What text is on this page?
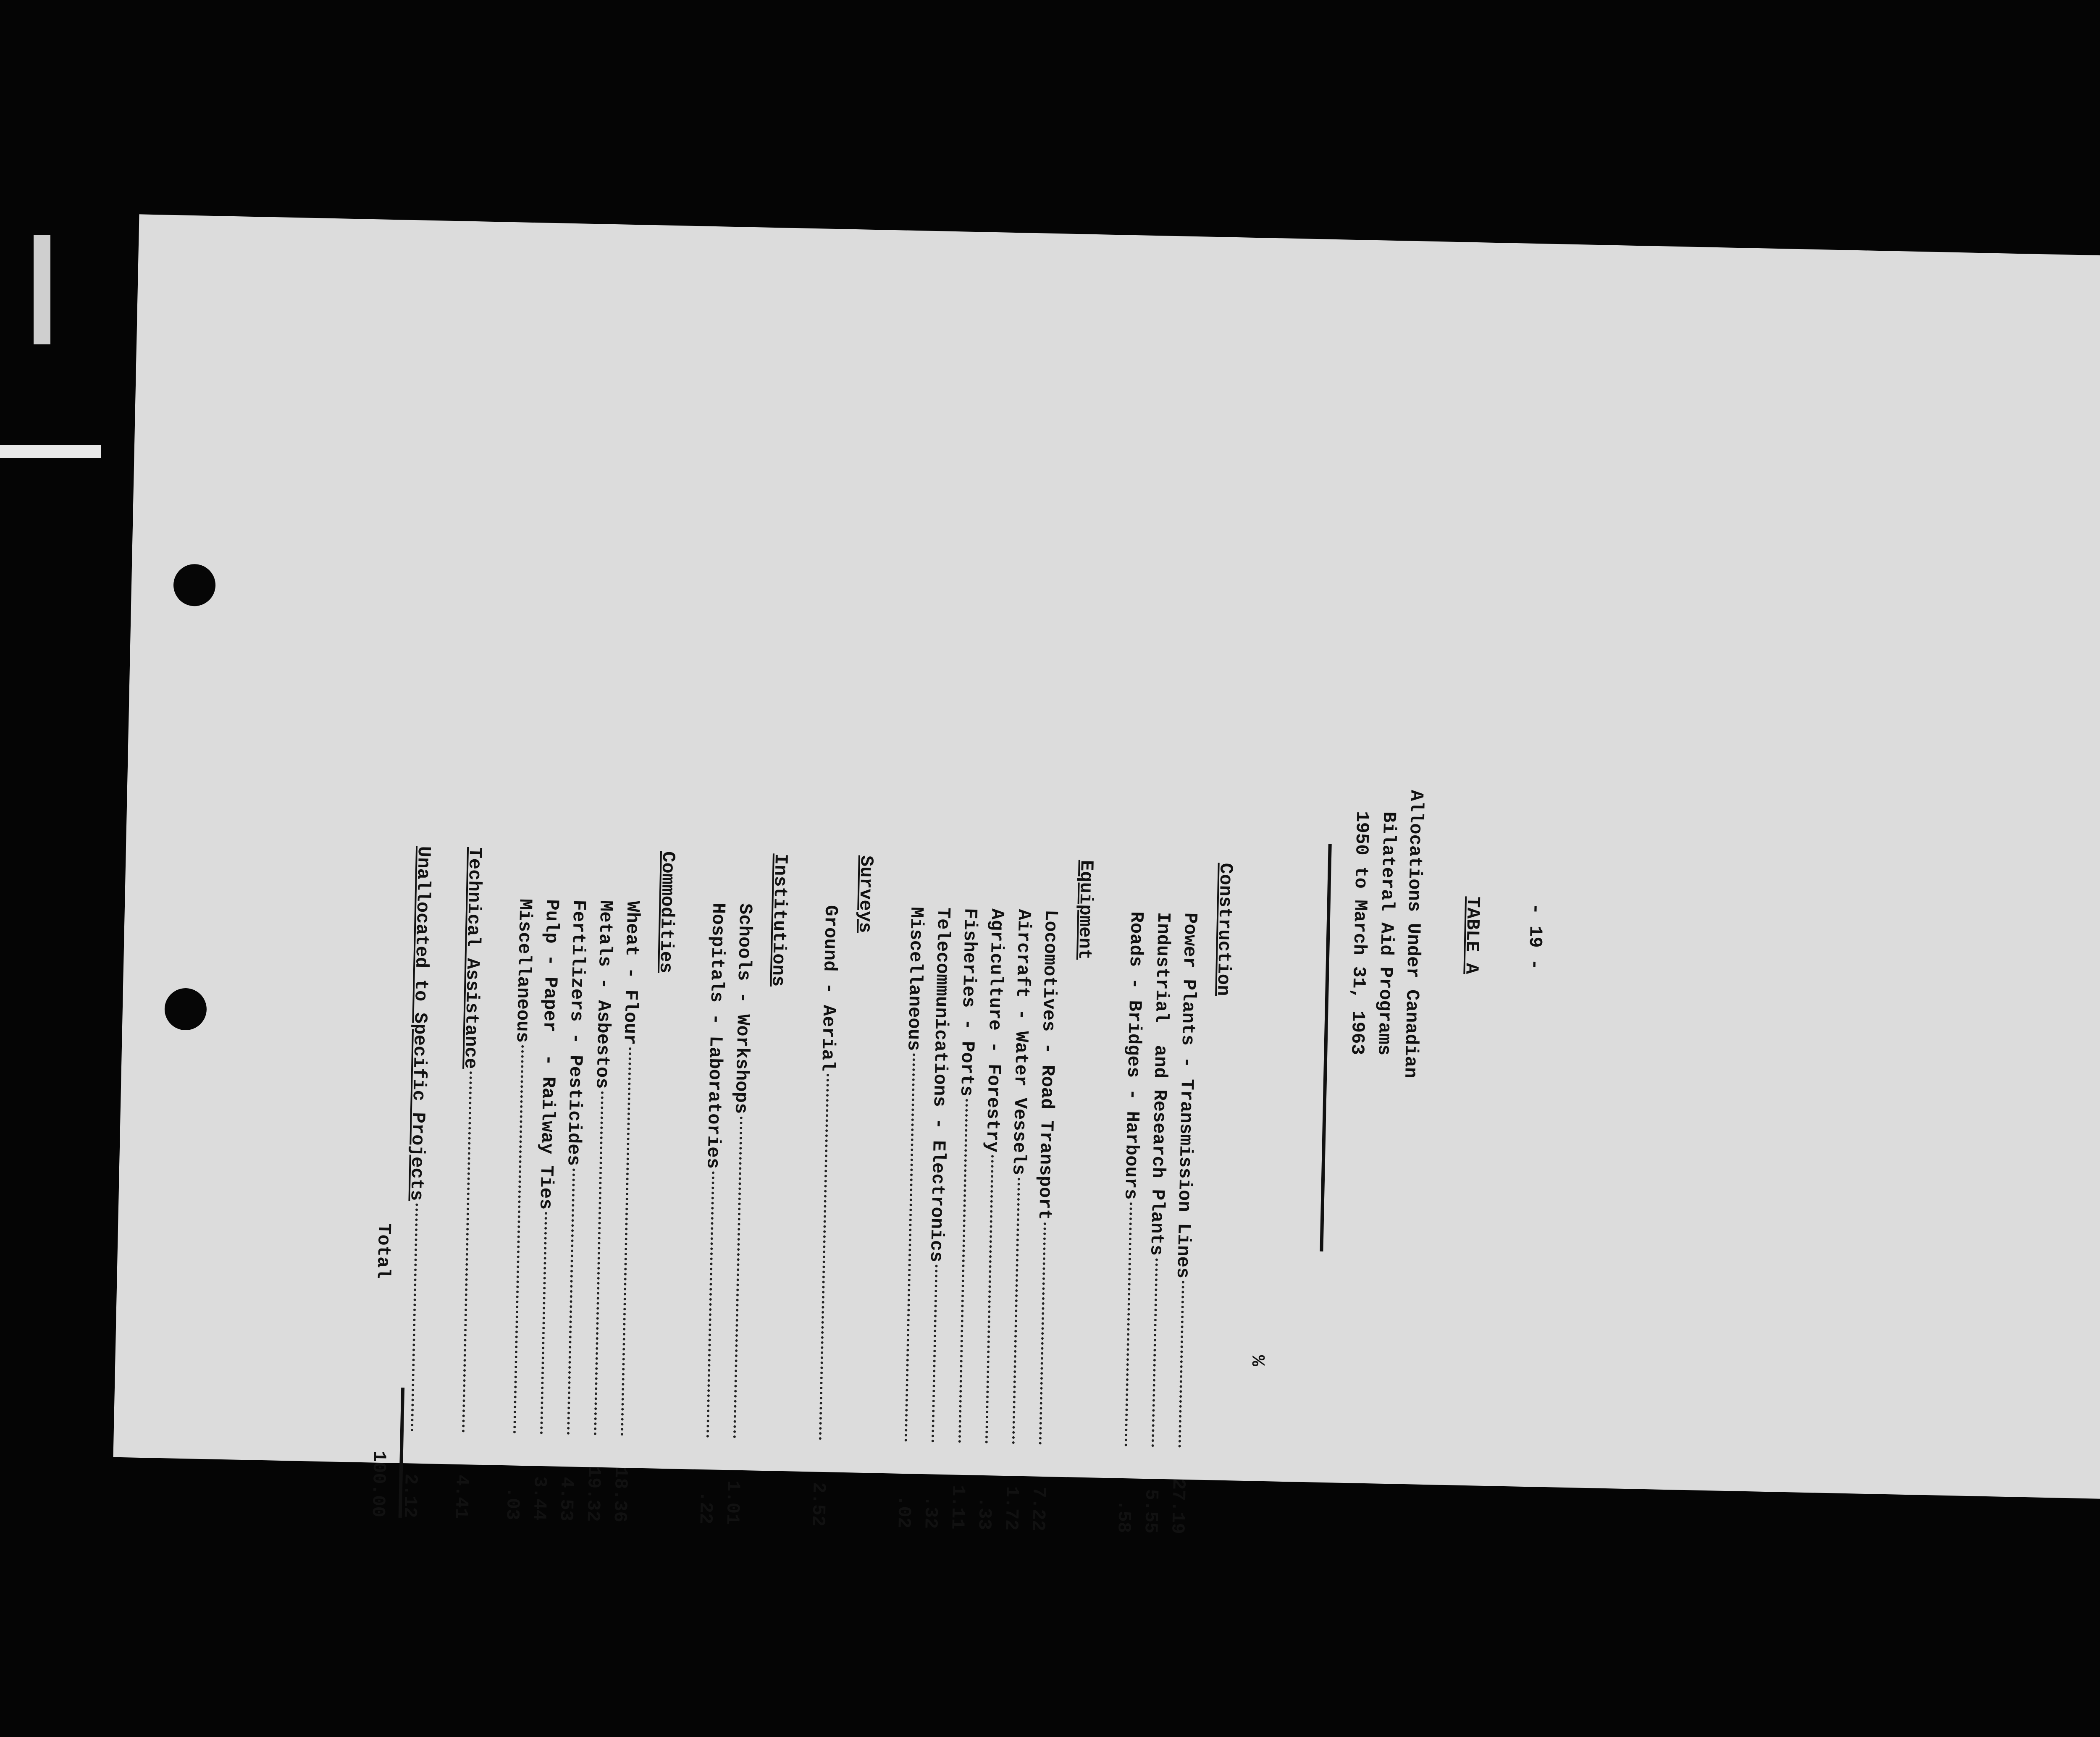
- 19 -
TABLE A
Allocations Under Canadian
Bilateral Aid Programs
1950 to March 31, 1963
%
Construction
Power Plants - Transmission Lines
27.19
Industrial  and Research Plants
5.55
Roads - Bridges - Harbours
.58
Equipment
Locomotives - Road Transport
7.22
Aircraft - Water Vessels
1.72
Agriculture - Forestry
.33
Fisheries - Ports
1.11
Telecommunications - Electronics
.32
Miscellaneous
.02
Surveys
Ground - Aerial
2.52
Institutions
Schools - Workshops
1.01
Hospitals - Laboratories
.22
Commodities
Wheat - Flour
18.36
Metals - Asbestos
19.32
Fertilizers - Pesticides
4.53
Pulp - Paper  - Railway Ties
3.44
Miscellaneous
.03
Technical Assistance
4.41
Unallocated to Specific Projects
2.12
Total
100.00
